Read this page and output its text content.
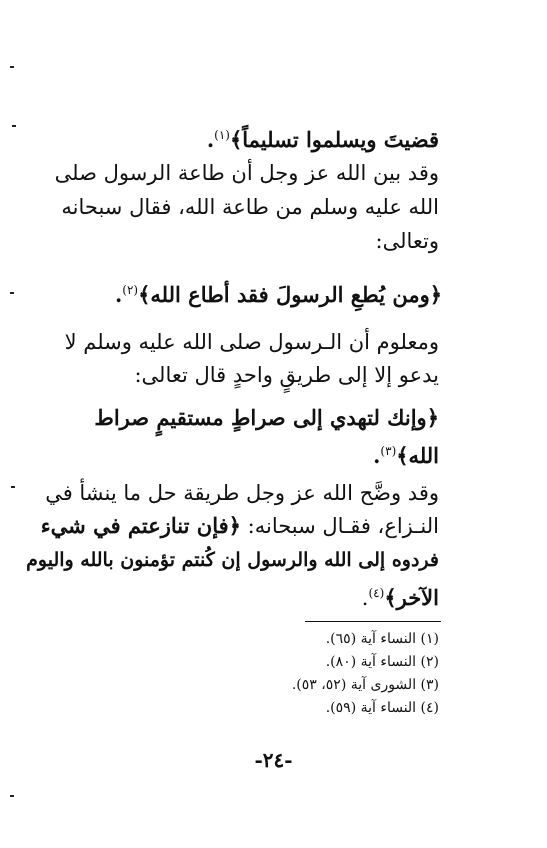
قضيتَ ويسلموا تسليماً﴾$^{(١)}$.
وقد بين الله عز وجل أن طاعة الرسول صلى
الله عليه وسلم من طاعة الله، فقال سبحانه
وتعالى:
﴿ومن يُطعِ الرسولَ فقد أطاع الله﴾$^{(٢)}$.
ومعلوم أن الـرسول صلى الله عليه وسلم لا
يدعو إلا إلى طريقٍ واحدٍ قال تعالى:
﴿وإنك لتهدي إلى صراطٍ مستقيمٍ صراط
الله﴾$^{(٣)}$.
وقد وضَّح الله عز وجل طريقة حل ما ينشأ في
النـزاع، فقـال سبحانه: ﴿فإن تنازعتم في شيء
فردوه إلى الله والرسول إن كُنتم تؤمنون بالله واليوم
الآخر﴾$^{(٤)}$.
(١) النساء آية (٦٥).
(٢) النساء آية (٨٠).
(٣) الشورى آية (٥٢، ٥٣).
(٤) النساء آية (٥٩).
-٢٤-
